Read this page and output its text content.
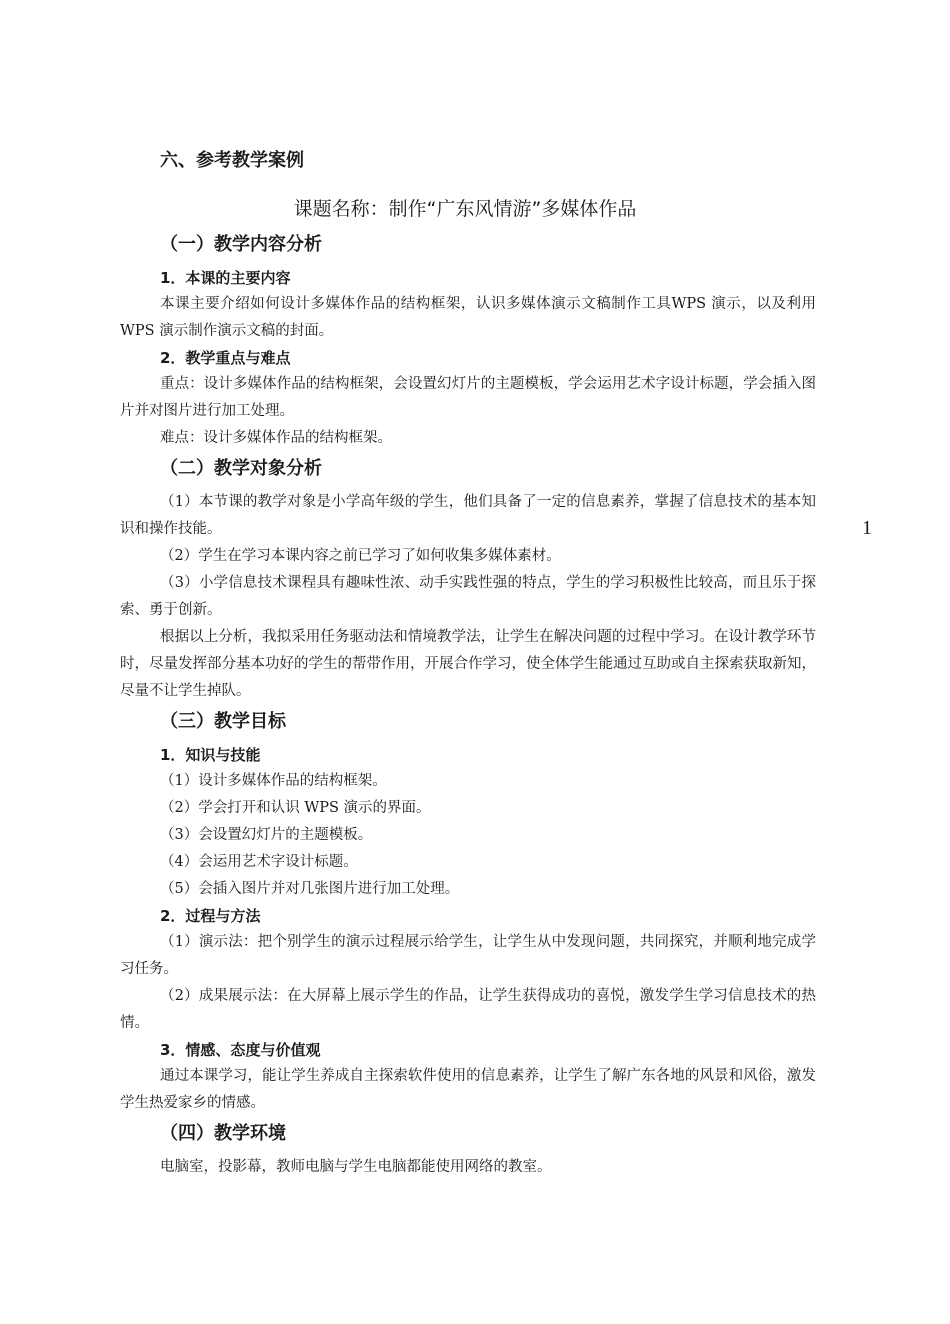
1
六、参考教学案例
课题名称：制作“广东风情游”多媒体作品

（一）教学内容分析

1．本课的主要内容

本课主要介绍如何设计多媒体作品的结构框架，认识多媒体演示文稿制作工具WPS 演示，以及利用 WPS 演示制作演示文稿的封面。

2．教学重点与难点

重点：设计多媒体作品的结构框架，会设置幻灯片的主题模板，学会运用艺术字设计标题，学会插入图片并对图片进行加工处理。

难点：设计多媒体作品的结构框架。

（二）教学对象分析

（1）本节课的教学对象是小学高年级的学生，他们具备了一定的信息素养，掌握了信息技术的基本知识和操作技能。

（2）学生在学习本课内容之前已学习了如何收集多媒体素材。

（3）小学信息技术课程具有趣味性浓、动手实践性强的特点，学生的学习积极性比较高，而且乐于探索、勇于创新。

根据以上分析，我拟采用任务驱动法和情境教学法，让学生在解决问题的过程中学习。在设计教学环节时，尽量发挥部分基本功好的学生的帮带作用，开展合作学习，使全体学生能通过互助或自主探索获取新知，尽量不让学生掉队。

（三）教学目标

1．知识与技能

（1）设计多媒体作品的结构框架。

（2）学会打开和认识 WPS 演示的界面。

（3）会设置幻灯片的主题模板。

（4）会运用艺术字设计标题。

（5）会插入图片并对几张图片进行加工处理。

2．过程与方法

（1）演示法：把个别学生的演示过程展示给学生，让学生从中发现问题，共同探究，并顺利地完成学习任务。

（2）成果展示法：在大屏幕上展示学生的作品，让学生获得成功的喜悦，激发学生学习信息技术的热情。

3．情感、态度与价值观

通过本课学习，能让学生养成自主探索软件使用的信息素养，让学生了解广东各地的风景和风俗，激发学生热爱家乡的情感。

（四）教学环境

电脑室，投影幕，教师电脑与学生电脑都能使用网络的教室。
